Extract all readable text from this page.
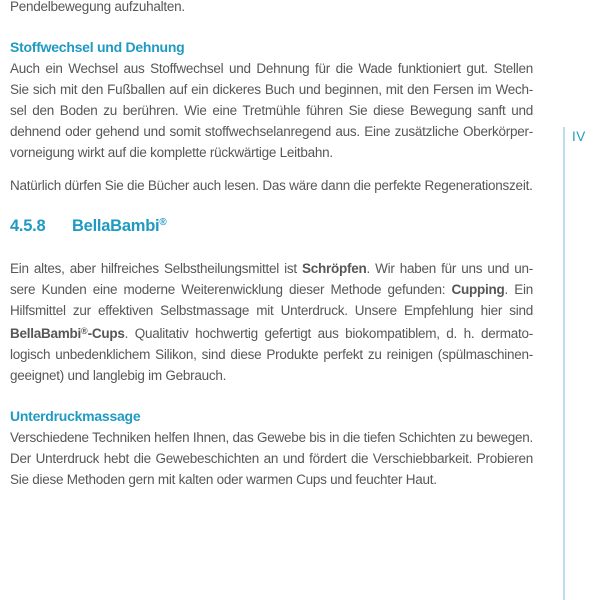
Pendelbewegung aufzuhalten.
Stoffwechsel und Dehnung
Auch ein Wechsel aus Stoffwechsel und Dehnung für die Wade funktioniert gut. Stellen
Sie sich mit den Fußballen auf ein dickeres Buch und beginnen, mit den Fersen im Wech-
sel den Boden zu berühren. Wie eine Tretmühle führen Sie diese Bewegung sanft und
dehnend oder gehend und somit stoffwechselanregend aus. Eine zusätzliche Oberkörper-
vorneigung wirkt auf die komplette rückwärtige Leitbahn.
Natürlich dürfen Sie die Bücher auch lesen. Das wäre dann die perfekte Regenerationszeit.
4.5.8 BellaBambi®
Ein altes, aber hilfreiches Selbstheilungsmittel ist Schröpfen. Wir haben für uns und un-
sere Kunden eine moderne Weiterenwicklung dieser Methode gefunden: Cupping. Ein
Hilfsmittel zur effektiven Selbstmassage mit Unterdruck. Unsere Empfehlung hier sind
BellaBambi®-Cups. Qualitativ hochwertig gefertigt aus biokompatiblem, d. h. dermato-
logisch unbedenklichem Silikon, sind diese Produkte perfekt zu reinigen (spülmaschinen-
geeignet) und langlebig im Gebrauch.
Unterdruckmassage
Verschiedene Techniken helfen Ihnen, das Gewebe bis in die tiefen Schichten zu bewegen.
Der Unterdruck hebt die Gewebeschichten an und fördert die Verschiebbarkeit. Probieren
Sie diese Methoden gern mit kalten oder warmen Cups und feuchter Haut.
IV
